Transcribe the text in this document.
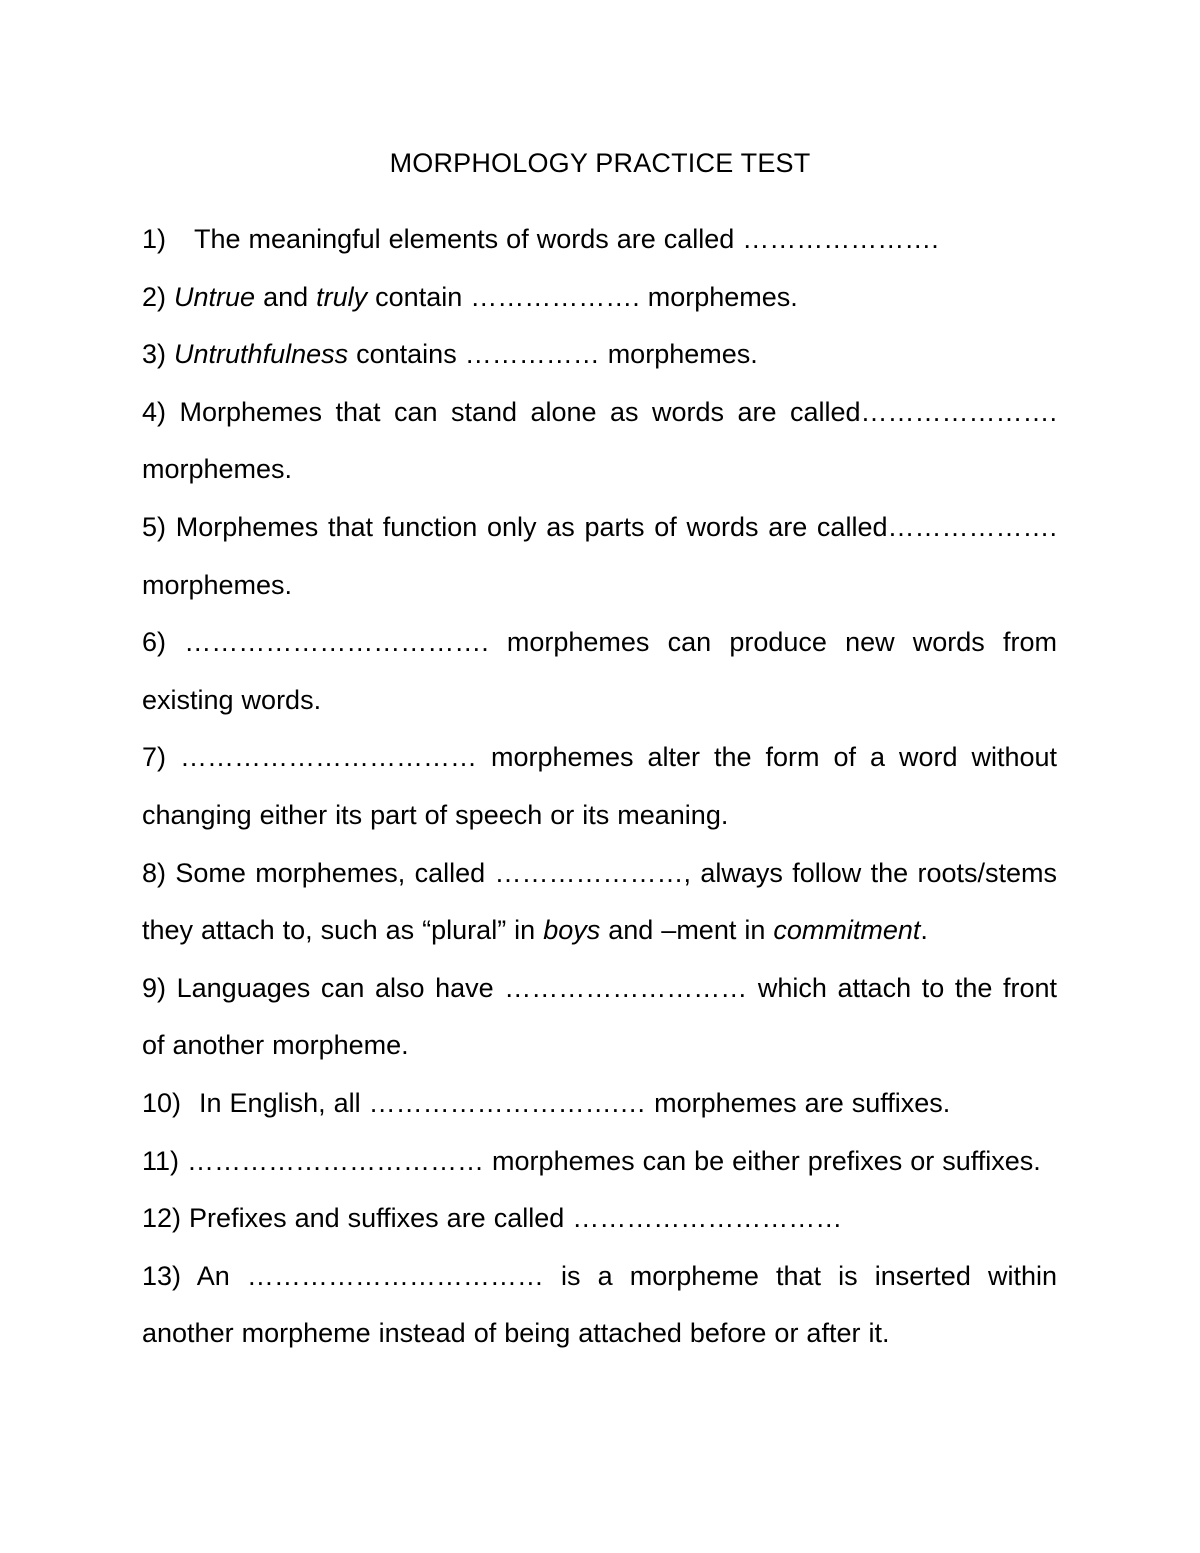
MORPHOLOGY PRACTICE TEST

1) The meaningful elements of words are called ………………….

2) Untrue and truly contain ………………. morphemes.

3) Untruthfulness contains …………… morphemes.

4) Morphemes that can stand alone as words are called…………………. morphemes.

5) Morphemes that function only as parts of words are called………………. morphemes.

6) ……………………………. morphemes can produce new words from existing words.

7) …………………………… morphemes alter the form of a word without changing either its part of speech or its meaning.

8) Some morphemes, called …………………, always follow the roots/stems they attach to, such as “plural” in boys and –ment in commitment.

9) Languages can also have ……………………… which attach to the front of another morpheme.

10) In English, all ……………………….… morphemes are suffixes.

11) …………………………… morphemes can be either prefixes or suffixes.

12) Prefixes and suffixes are called …………………………

13) An …………………………… is a morpheme that is inserted within another morpheme instead of being attached before or after it.
